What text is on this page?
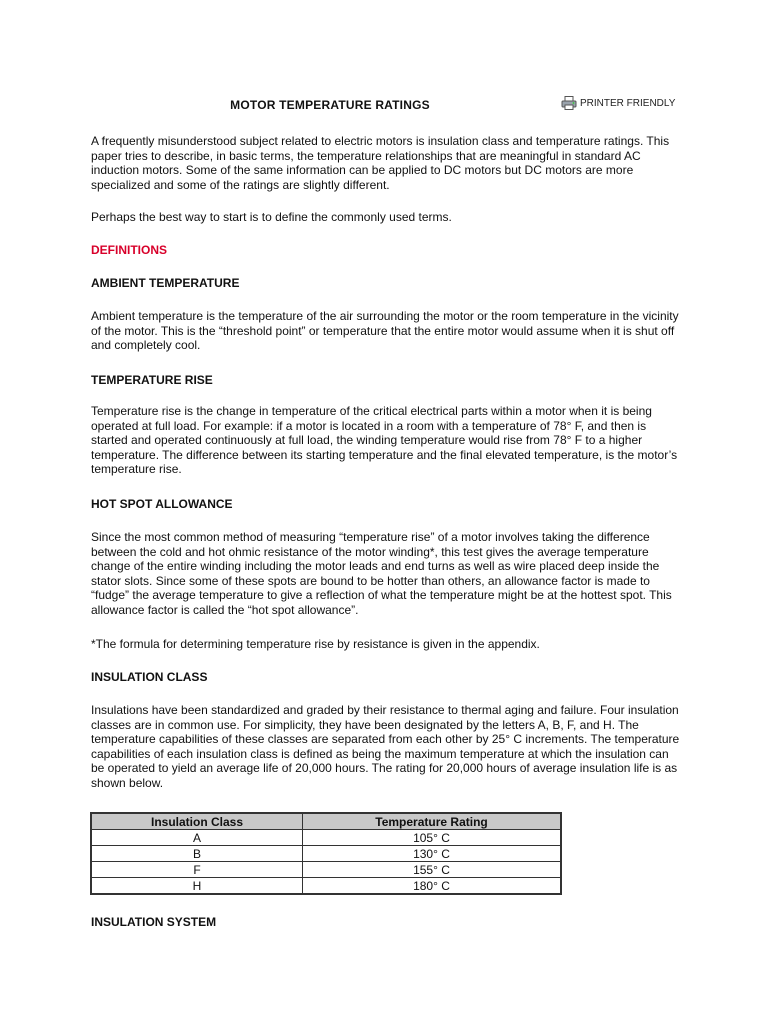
MOTOR TEMPERATURE RATINGS	PRINTER FRIENDLY

A frequently misunderstood subject related to electric motors is insulation class and temperature ratings. This paper tries to describe, in basic terms, the temperature relationships that are meaningful in standard AC induction motors. Some of the same information can be applied to DC motors but DC motors are more specialized and some of the ratings are slightly different.

Perhaps the best way to start is to define the commonly used terms.

DEFINITIONS
AMBIENT TEMPERATURE

Ambient temperature is the temperature of the air surrounding the motor or the room temperature in the vicinity of the motor. This is the “threshold point” or temperature that the entire motor would assume when it is shut off and completely cool.

TEMPERATURE RISE

Temperature rise is the change in temperature of the critical electrical parts within a motor when it is being operated at full load. For example: if a motor is located in a room with a temperature of 78° F, and then is started and operated continuously at full load, the winding temperature would rise from 78° F to a higher temperature. The difference between its starting temperature and the final elevated temperature, is the motor’s temperature rise.

HOT SPOT ALLOWANCE

Since the most common method of measuring “temperature rise” of a motor involves taking the difference between the cold and hot ohmic resistance of the motor winding*, this test gives the average temperature change of the entire winding including the motor leads and end turns as well as wire placed deep inside the stator slots. Since some of these spots are bound to be hotter than others, an allowance factor is made to “fudge” the average temperature to give a reflection of what the temperature might be at the hottest spot. This allowance factor is called the “hot spot allowance”.

*The formula for determining temperature rise by resistance is given in the appendix.

INSULATION CLASS

Insulations have been standardized and graded by their resistance to thermal aging and failure. Four insulation classes are in common use. For simplicity, they have been designated by the letters A, B, F, and H. The temperature capabilities of these classes are separated from each other by 25° C increments. The temperature capabilities of each insulation class is defined as being the maximum temperature at which the insulation can be operated to yield an average life of 20,000 hours. The rating for 20,000 hours of average insulation life is as shown below.

Insulation Class	Temperature Rating
A	105° C
B	130° C
F	155° C
H	180° C
INSULATION SYSTEM
